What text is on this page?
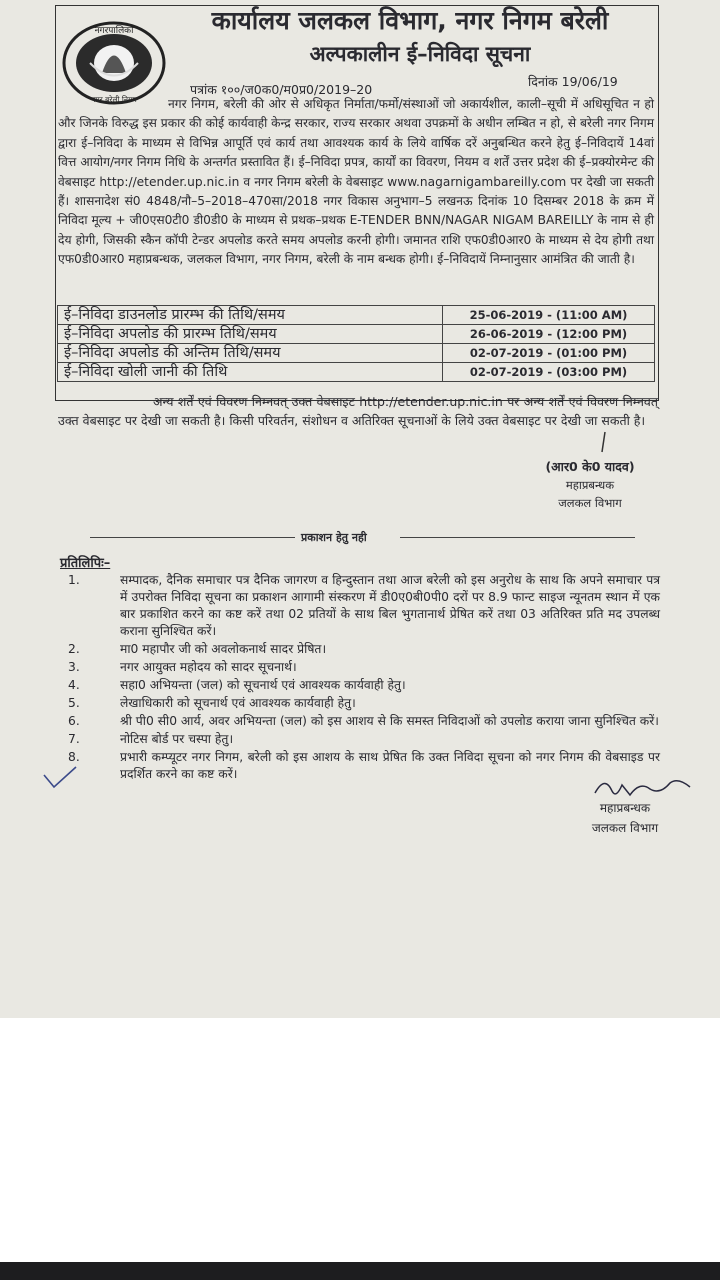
नगरपालिका
नगर बरेली निगम
कार्यालय जलकल विभाग, नगर निगम बरेली
अल्पकालीन ई–निविदा सूचना
पत्रांक १००/ज0क0/म0प्र0/2019–20
दिनांक 19/06/19
नगर निगम, बरेली की ओर से अधिकृत निर्माता/फर्मो/संस्थाओं जो अकार्यशील, काली–सूची में अधिसूचित न हो और जिनके विरुद्ध इस प्रकार की कोई कार्यवाही केन्द्र सरकार, राज्य सरकार अथवा उपक्रमों के अधीन लम्बित न हो, से बरेली नगर निगम द्वारा ई–निविदा के माध्यम से विभिन्न आपूर्ति एवं कार्य तथा आवश्यक कार्य के लिये वार्षिक दरें अनुबन्धित करने हेतु ई–निविदायें 14वां वित्त आयोग/नगर निगम निधि के अन्तर्गत प्रस्तावित हैं। ई–निविदा प्रपत्र, कार्यों का विवरण, नियम व शर्तें उत्तर प्रदेश की ई–प्रक्योरमेन्ट की वेबसाइट http://etender.up.nic.in व नगर निगम बरेली के वेबसाइट www.nagarnigambareilly.com पर देखी जा सकती हैं। शासनादेश सं0 4848/नौ–5–2018–470सा/2018 नगर विकास अनुभाग–5 लखनऊ दिनांक 10 दिसम्बर 2018 के क्रम में निविदा मूल्य + जी0एस0टी0 डी0डी0 के माध्यम से प्रथक–प्रथक E-TENDER BNN/NAGAR NIGAM BAREILLY के नाम से ही देय होगी, जिसकी स्कैन कॉपी टेन्डर अपलोड करते समय अपलोड करनी होगी। जमानत राशि एफ0डी0आर0 के माध्यम से देय होगी तथा एफ0डी0आर0 महाप्रबन्धक, जलकल विभाग, नगर निगम, बरेली के नाम बन्धक होगी। ई–निविदायें निम्नानुसार आमंत्रित की जाती है।
ई–निविदा डाउनलोड प्रारम्भ की तिथि/समय	25-06-2019 - (11:00 AM)
ई–निविदा अपलोड की प्रारम्भ तिथि/समय	26-06-2019 - (12:00 PM)
ई–निविदा अपलोड की अन्तिम तिथि/समय	02-07-2019 - (01:00 PM)
ई–निविदा खोली जानी की तिथि	02-07-2019 - (03:00 PM)
अन्य शर्तें एवं विवरण निम्नवत् उक्त वेबसाइट http://etender.up.nic.in पर अन्य शर्तें एवं विवरण निम्नवत् उक्त वेबसाइट पर देखी जा सकती है। किसी परिवर्तन, संशोधन व अतिरिक्त सूचनाओं के लिये उक्त वेबसाइट पर देखी जा सकती है।
(आर0 के0 यादव)
महाप्रबन्धक
जलकल विभाग
प्रकाशन हेतु नही
प्रतिलिपिः–
1.	सम्पादक, दैनिक समाचार पत्र दैनिक जागरण व हिन्दुस्तान तथा आज बरेली को इस अनुरोध के साथ कि अपने समाचार पत्र में उपरोक्त निविदा सूचना का प्रकाशन आगामी संस्करण में डी0ए0बी0पी0 दरों पर 8.9 फान्ट साइज न्यूनतम स्थान में एक बार प्रकाशित करने का कष्ट करें तथा 02 प्रतियों के साथ बिल भुगतानार्थ प्रेषित करें तथा 03 अतिरिक्त प्रति मद उपलब्ध कराना सुनिश्चित करें।
2.	मा0 महापौर जी को अवलोकनार्थ सादर प्रेषित।
3.	नगर आयुक्त महोदय को सादर सूचनार्थ।
4.	सहा0 अभियन्ता (जल) को सूचनार्थ एवं आवश्यक कार्यवाही हेतु।
5.	लेखाधिकारी को सूचनार्थ एवं आवश्यक कार्यवाही हेतु।
6.	श्री पी0 सी0 आर्य, अवर अभियन्ता (जल) को इस आशय से कि समस्त निविदाओं को उपलोड कराया जाना सुनिश्चित करें।
7.	नोटिस बोर्ड पर चस्पा हेतु।
8.	प्रभारी कम्प्यूटर नगर निगम, बरेली को इस आशय के साथ प्रेषित कि उक्त निविदा सूचना को नगर निगम की वेबसाइड पर प्रदर्शित करने का कष्ट करें।
महाप्रबन्धक
जलकल विभाग
